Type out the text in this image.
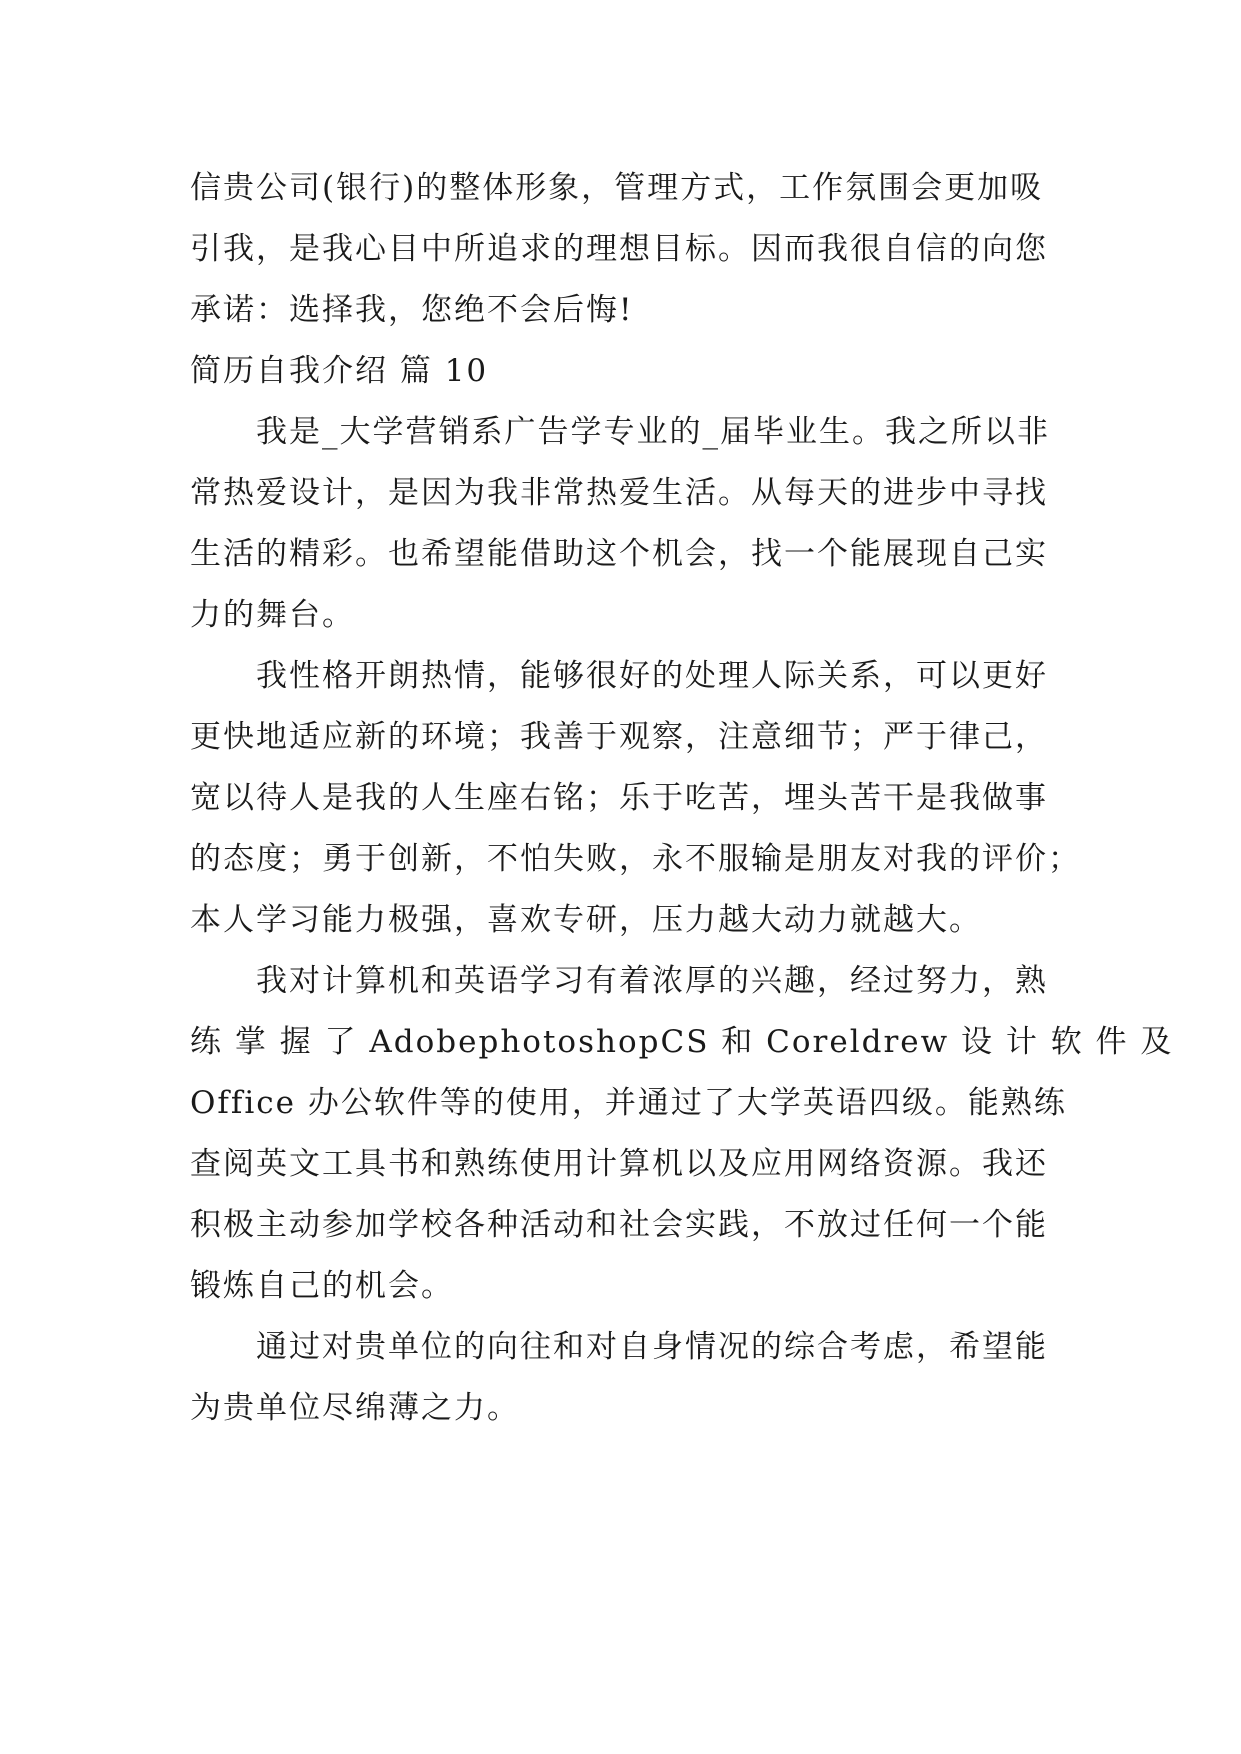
信贵公司(银行)的整体形象，管理方式，工作氛围会更加吸
引我，是我心目中所追求的理想目标。因而我很自信的向您
承诺：选择我，您绝不会后悔!
简历自我介绍 篇 10
我是_大学营销系广告学专业的_届毕业生。我之所以非
常热爱设计，是因为我非常热爱生活。从每天的进步中寻找
生活的精彩。也希望能借助这个机会，找一个能展现自己实
力的舞台。
我性格开朗热情，能够很好的处理人际关系，可以更好
更快地适应新的环境；我善于观察，注意细节；严于律己，
宽以待人是我的人生座右铭；乐于吃苦，埋头苦干是我做事
的态度；勇于创新，不怕失败，永不服输是朋友对我的评价；
本人学习能力极强，喜欢专研，压力越大动力就越大。
我对计算机和英语学习有着浓厚的兴趣，经过努力，熟
练 掌 握 了 AdobephotoshopCS 和 Coreldrew 设 计 软 件 及
Office 办公软件等的使用，并通过了大学英语四级。能熟练
查阅英文工具书和熟练使用计算机以及应用网络资源。我还
积极主动参加学校各种活动和社会实践，不放过任何一个能
锻炼自己的机会。
通过对贵单位的向往和对自身情况的综合考虑，希望能
为贵单位尽绵薄之力。
